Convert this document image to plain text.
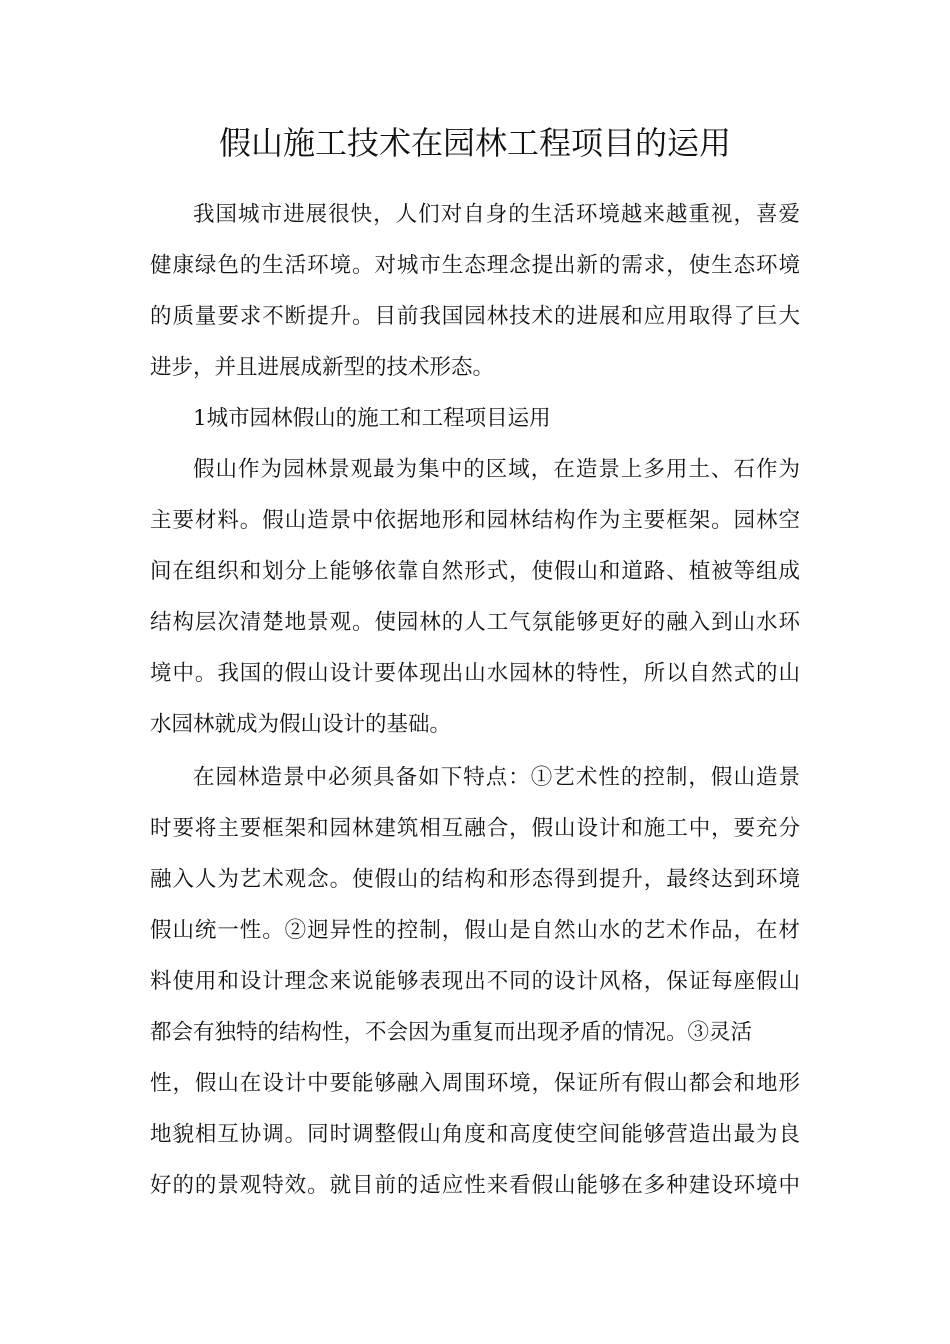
假山施工技术在园林工程项目的运用
我国城市进展很快，人们对自身的生活环境越来越重视，喜爱
健康绿色的生活环境。对城市生态理念提出新的需求，使生态环境
的质量要求不断提升。目前我国园林技术的进展和应用取得了巨大
进步，并且进展成新型的技术形态。
1城市园林假山的施工和工程项目运用
假山作为园林景观最为集中的区域，在造景上多用土、石作为
主要材料。假山造景中依据地形和园林结构作为主要框架。园林空
间在组织和划分上能够依靠自然形式，使假山和道路、植被等组成
结构层次清楚地景观。使园林的人工气氛能够更好的融入到山水环
境中。我国的假山设计要体现出山水园林的特性，所以自然式的山
水园林就成为假山设计的基础。
在园林造景中必须具备如下特点：①艺术性的控制，假山造景
时要将主要框架和园林建筑相互融合，假山设计和施工中，要充分
融入人为艺术观念。使假山的结构和形态得到提升，最终达到环境
假山统一性。②迥异性的控制，假山是自然山水的艺术作品，在材
料使用和设计理念来说能够表现出不同的设计风格，保证每座假山
都会有独特的结构性，不会因为重复而出现矛盾的情况。③灵活
性，假山在设计中要能够融入周围环境，保证所有假山都会和地形
地貌相互协调。同时调整假山角度和高度使空间能够营造出最为良
好的的景观特效。就目前的适应性来看假山能够在多种建设环境中
